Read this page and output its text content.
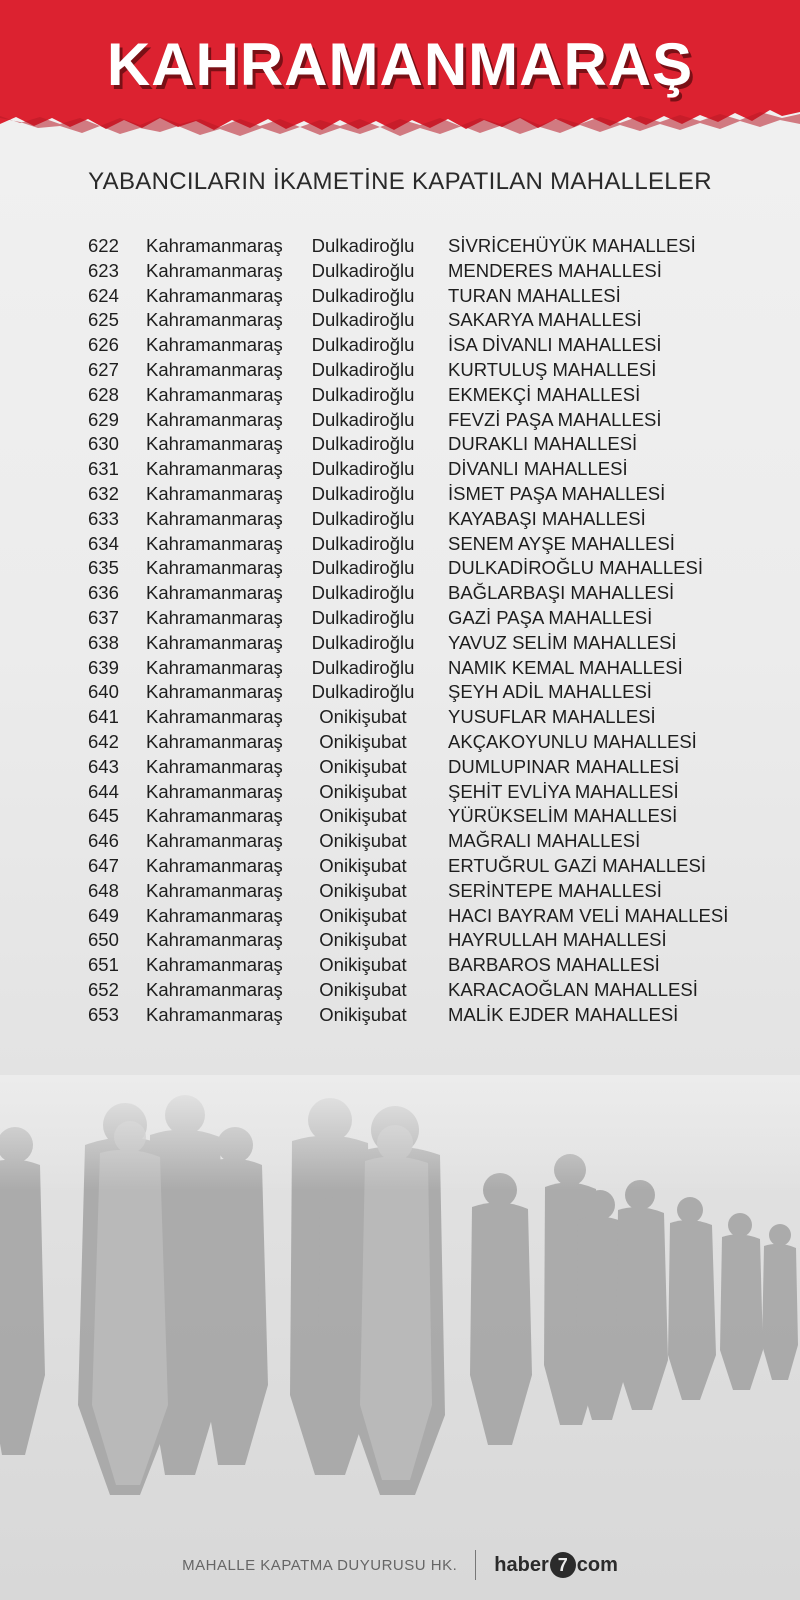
KAHRAMANMARAŞ
YABANCILARIN İKAMETİNE KAPATILAN MAHALLELER
622	Kahramanmaraş	Dulkadiroğlu	SİVRİCEHÜYÜK MAHALLESİ
623	Kahramanmaraş	Dulkadiroğlu	MENDERES MAHALLESİ
624	Kahramanmaraş	Dulkadiroğlu	TURAN MAHALLESİ
625	Kahramanmaraş	Dulkadiroğlu	SAKARYA MAHALLESİ
626	Kahramanmaraş	Dulkadiroğlu	İSA DİVANLI MAHALLESİ
627	Kahramanmaraş	Dulkadiroğlu	KURTULUŞ MAHALLESİ
628	Kahramanmaraş	Dulkadiroğlu	EKMEKÇİ MAHALLESİ
629	Kahramanmaraş	Dulkadiroğlu	FEVZİ PAŞA MAHALLESİ
630	Kahramanmaraş	Dulkadiroğlu	DURAKLI MAHALLESİ
631	Kahramanmaraş	Dulkadiroğlu	DİVANLI MAHALLESİ
632	Kahramanmaraş	Dulkadiroğlu	İSMET PAŞA MAHALLESİ
633	Kahramanmaraş	Dulkadiroğlu	KAYABAŞI MAHALLESİ
634	Kahramanmaraş	Dulkadiroğlu	SENEM AYŞE MAHALLESİ
635	Kahramanmaraş	Dulkadiroğlu	DULKADİROĞLU MAHALLESİ
636	Kahramanmaraş	Dulkadiroğlu	BAĞLARBAŞI MAHALLESİ
637	Kahramanmaraş	Dulkadiroğlu	GAZİ PAŞA MAHALLESİ
638	Kahramanmaraş	Dulkadiroğlu	YAVUZ SELİM MAHALLESİ
639	Kahramanmaraş	Dulkadiroğlu	NAMIK KEMAL MAHALLESİ
640	Kahramanmaraş	Dulkadiroğlu	ŞEYH ADİL MAHALLESİ
641	Kahramanmaraş	Onikişubat	YUSUFLAR MAHALLESİ
642	Kahramanmaraş	Onikişubat	AKÇAKOYUNLU MAHALLESİ
643	Kahramanmaraş	Onikişubat	DUMLUPINAR MAHALLESİ
644	Kahramanmaraş	Onikişubat	ŞEHİT EVLİYA MAHALLESİ
645	Kahramanmaraş	Onikişubat	YÜRÜKSELİM MAHALLESİ
646	Kahramanmaraş	Onikişubat	MAĞRALI MAHALLESİ
647	Kahramanmaraş	Onikişubat	ERTUĞRUL GAZİ MAHALLESİ
648	Kahramanmaraş	Onikişubat	SERİNTEPE MAHALLESİ
649	Kahramanmaraş	Onikişubat	HACI BAYRAM VELİ MAHALLESİ
650	Kahramanmaraş	Onikişubat	HAYRULLAH MAHALLESİ
651	Kahramanmaraş	Onikişubat	BARBAROS MAHALLESİ
652	Kahramanmaraş	Onikişubat	KARACAOĞLAN MAHALLESİ
653	Kahramanmaraş	Onikişubat	MALİK EJDER MAHALLESİ
MAHALLE KAPATMA DUYURUSU HK. haber 7 com
